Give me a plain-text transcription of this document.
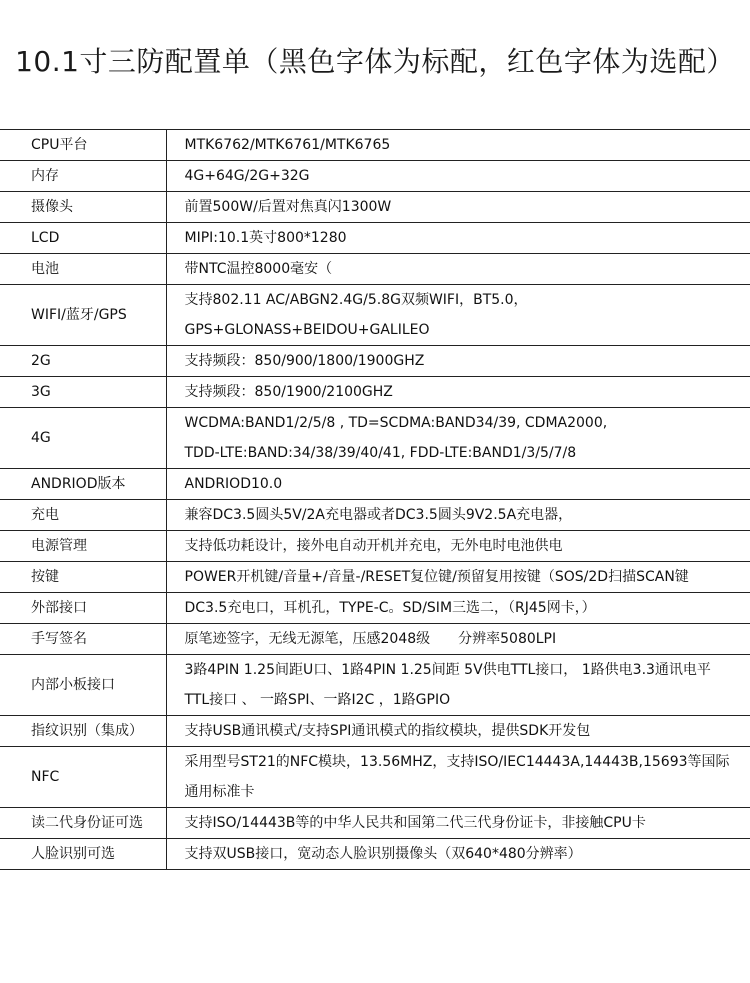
10.1寸三防配置单（黑色字体为标配，红色字体为选配）
CPU平台	MTK6762/MTK6761/MTK6765

内存	4G+64G/2G+32G

摄像头	前置500W/后置对焦真闪1300W

LCD	MIPI:10.1英寸800*1280

电池	带NTC温控8000毫安（

WIFI/蓝牙/GPS	支持802.11 AC/ABGN2.4G/5.8G双频WIFI，BT5.0，
GPS+GLONASS+BEIDOU+GALILEO

2G	支持频段：850/900/1800/1900GHZ

3G	支持频段：850/1900/2100GHZ

4G	WCDMA:BAND1/2/5/8 , TD=SCDMA:BAND34/39, CDMA2000,
TDD-LTE:BAND:34/38/39/40/41, FDD-LTE:BAND1/3/5/7/8

ANDRIOD版本	ANDRIOD10.0

充电	兼容DC3.5圆头5V/2A充电器或者DC3.5圆头9V2.5A充电器，

电源管理	支持低功耗设计，接外电自动开机并充电，无外电时电池供电

按键	POWER开机键/音量+/音量-/RESET复位键/预留复用按键（SOS/2D扫描SCAN键

外部接口	DC3.5充电口，耳机孔，TYPE-C。SD/SIM三选二，（RJ45网卡，）

手写签名	原笔迹签字，无线无源笔，压感2048级　　分辨率5080LPI

内部小板接口	3路4PIN 1.25间距U口、1路4PIN 1.25间距 5V供电TTL接口， 1路供电3.3通讯电平
TTL接口 、 一路SPI、一路I2C ，1路GPIO

指纹识别（集成）	支持USB通讯模式/支持SPI通讯模式的指纹模块，提供SDK开发包

NFC	采用型号ST21的NFC模块，13.56MHZ，支持ISO/IEC14443A,14443B,15693等国际
通用标准卡

读二代身份证可选	支持ISO/14443B等的中华人民共和国第二代三代身份证卡，非接触CPU卡

人脸识别可选	支持双USB接口，宽动态人脸识别摄像头（双640*480分辨率）
